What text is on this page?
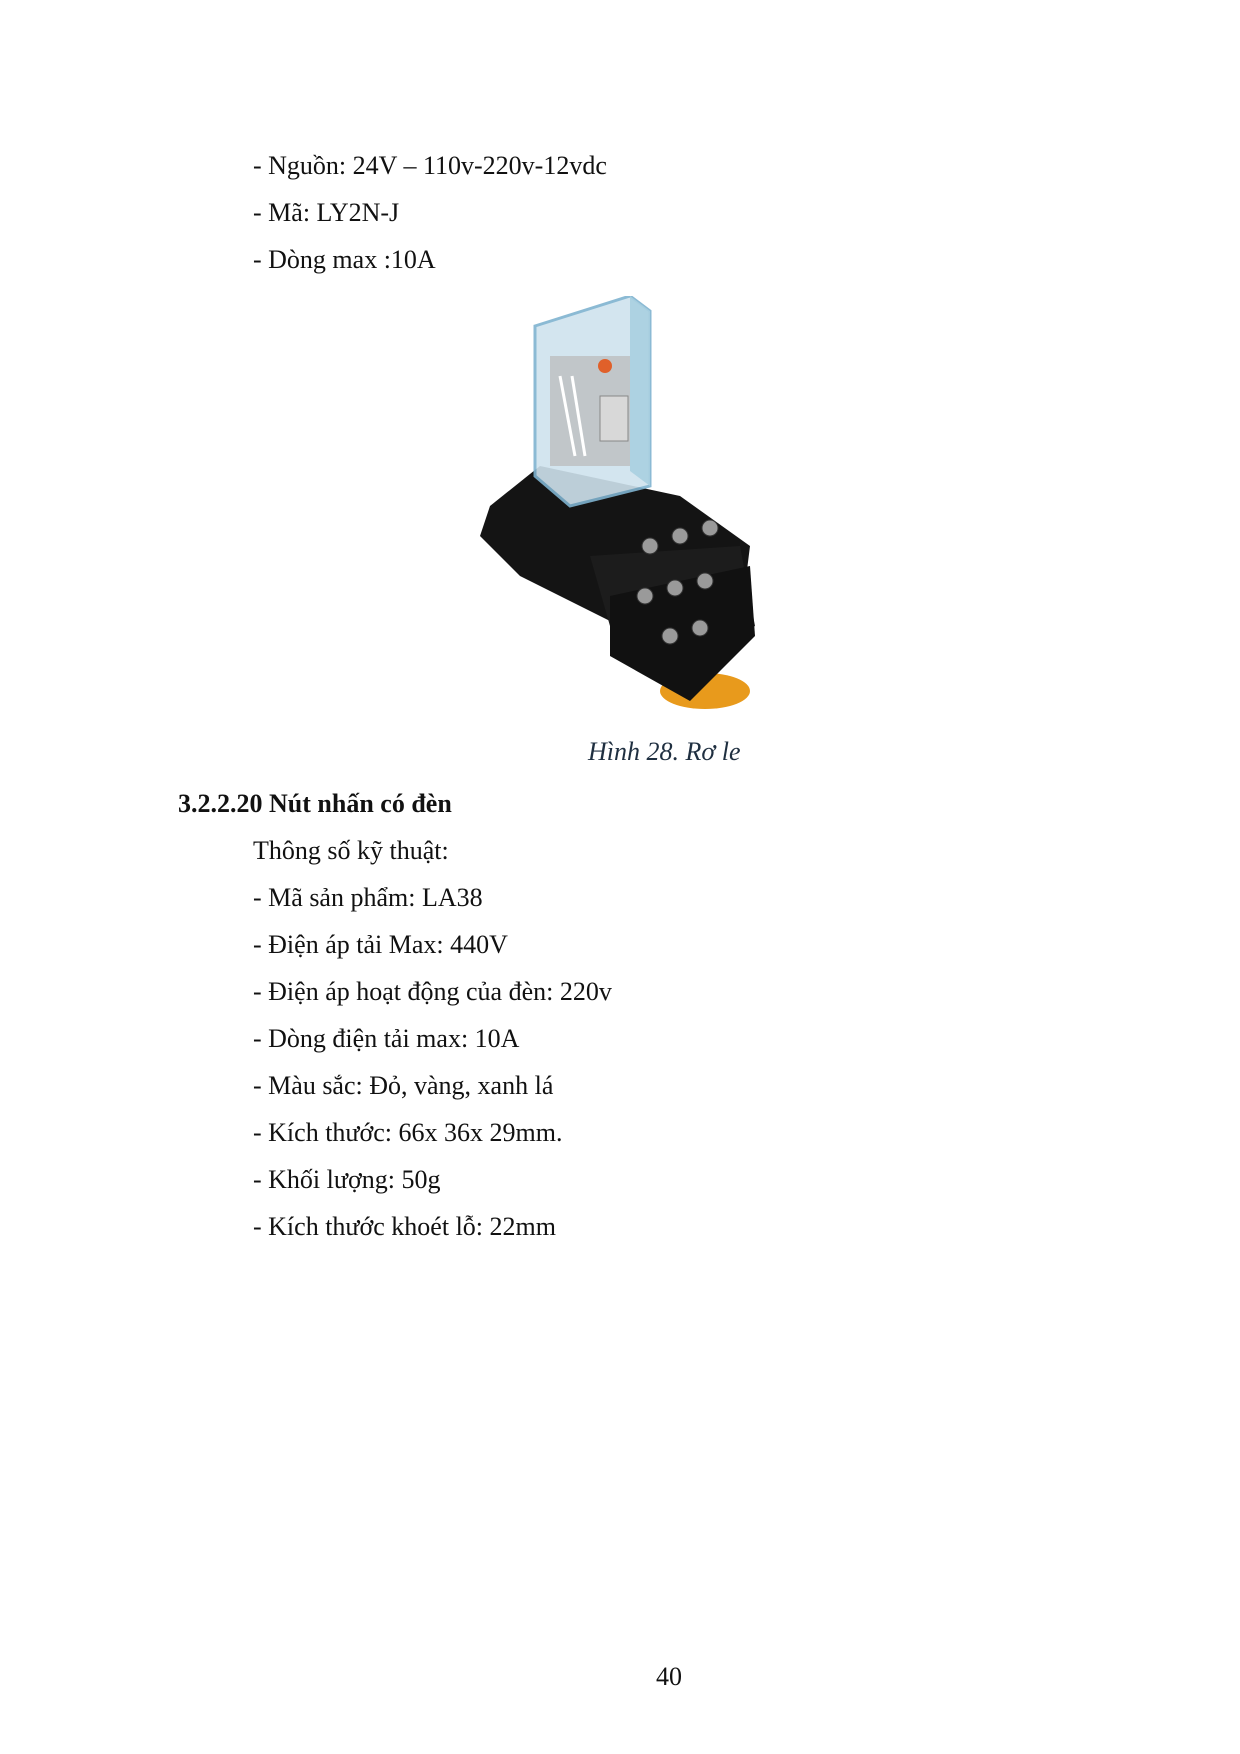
- Nguồn: 24V – 110v-220v-12vdc
- Mã: LY2N-J
- Dòng max :10A
Hình 28. Rơ le
3.2.2.20 Nút nhấn có đèn
Thông số kỹ thuật:
- Mã sản phẩm: LA38
- Điện áp tải Max: 440V
- Điện áp hoạt động của đèn: 220v
- Dòng điện tải max: 10A
- Màu sắc: Đỏ, vàng, xanh lá
- Kích thước: 66x 36x 29mm.
- Khối lượng: 50g
- Kích thước khoét lỗ: 22mm
40
